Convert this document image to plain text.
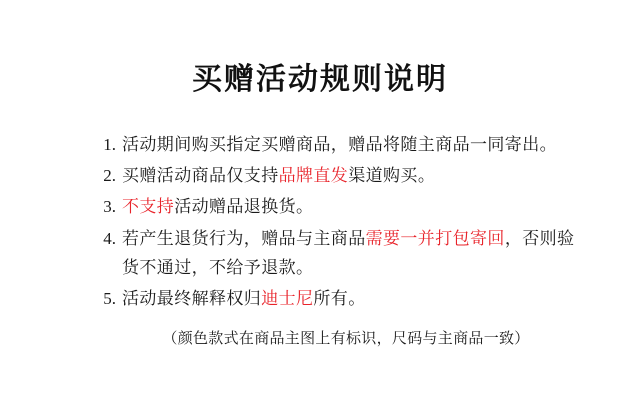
买赠活动规则说明
1. 活动期间购买指定买赠商品，赠品将随主商品一同寄出。
2. 买赠活动商品仅支持品牌直发渠道购买。
3. 不支持活动赠品退换货。
4. 若产生退货行为，赠品与主商品需要一并打包寄回，否则验货不通过，不给予退款。
5. 活动最终解释权归迪士尼所有。

（颜色款式在商品主图上有标识，尺码与主商品一致）
